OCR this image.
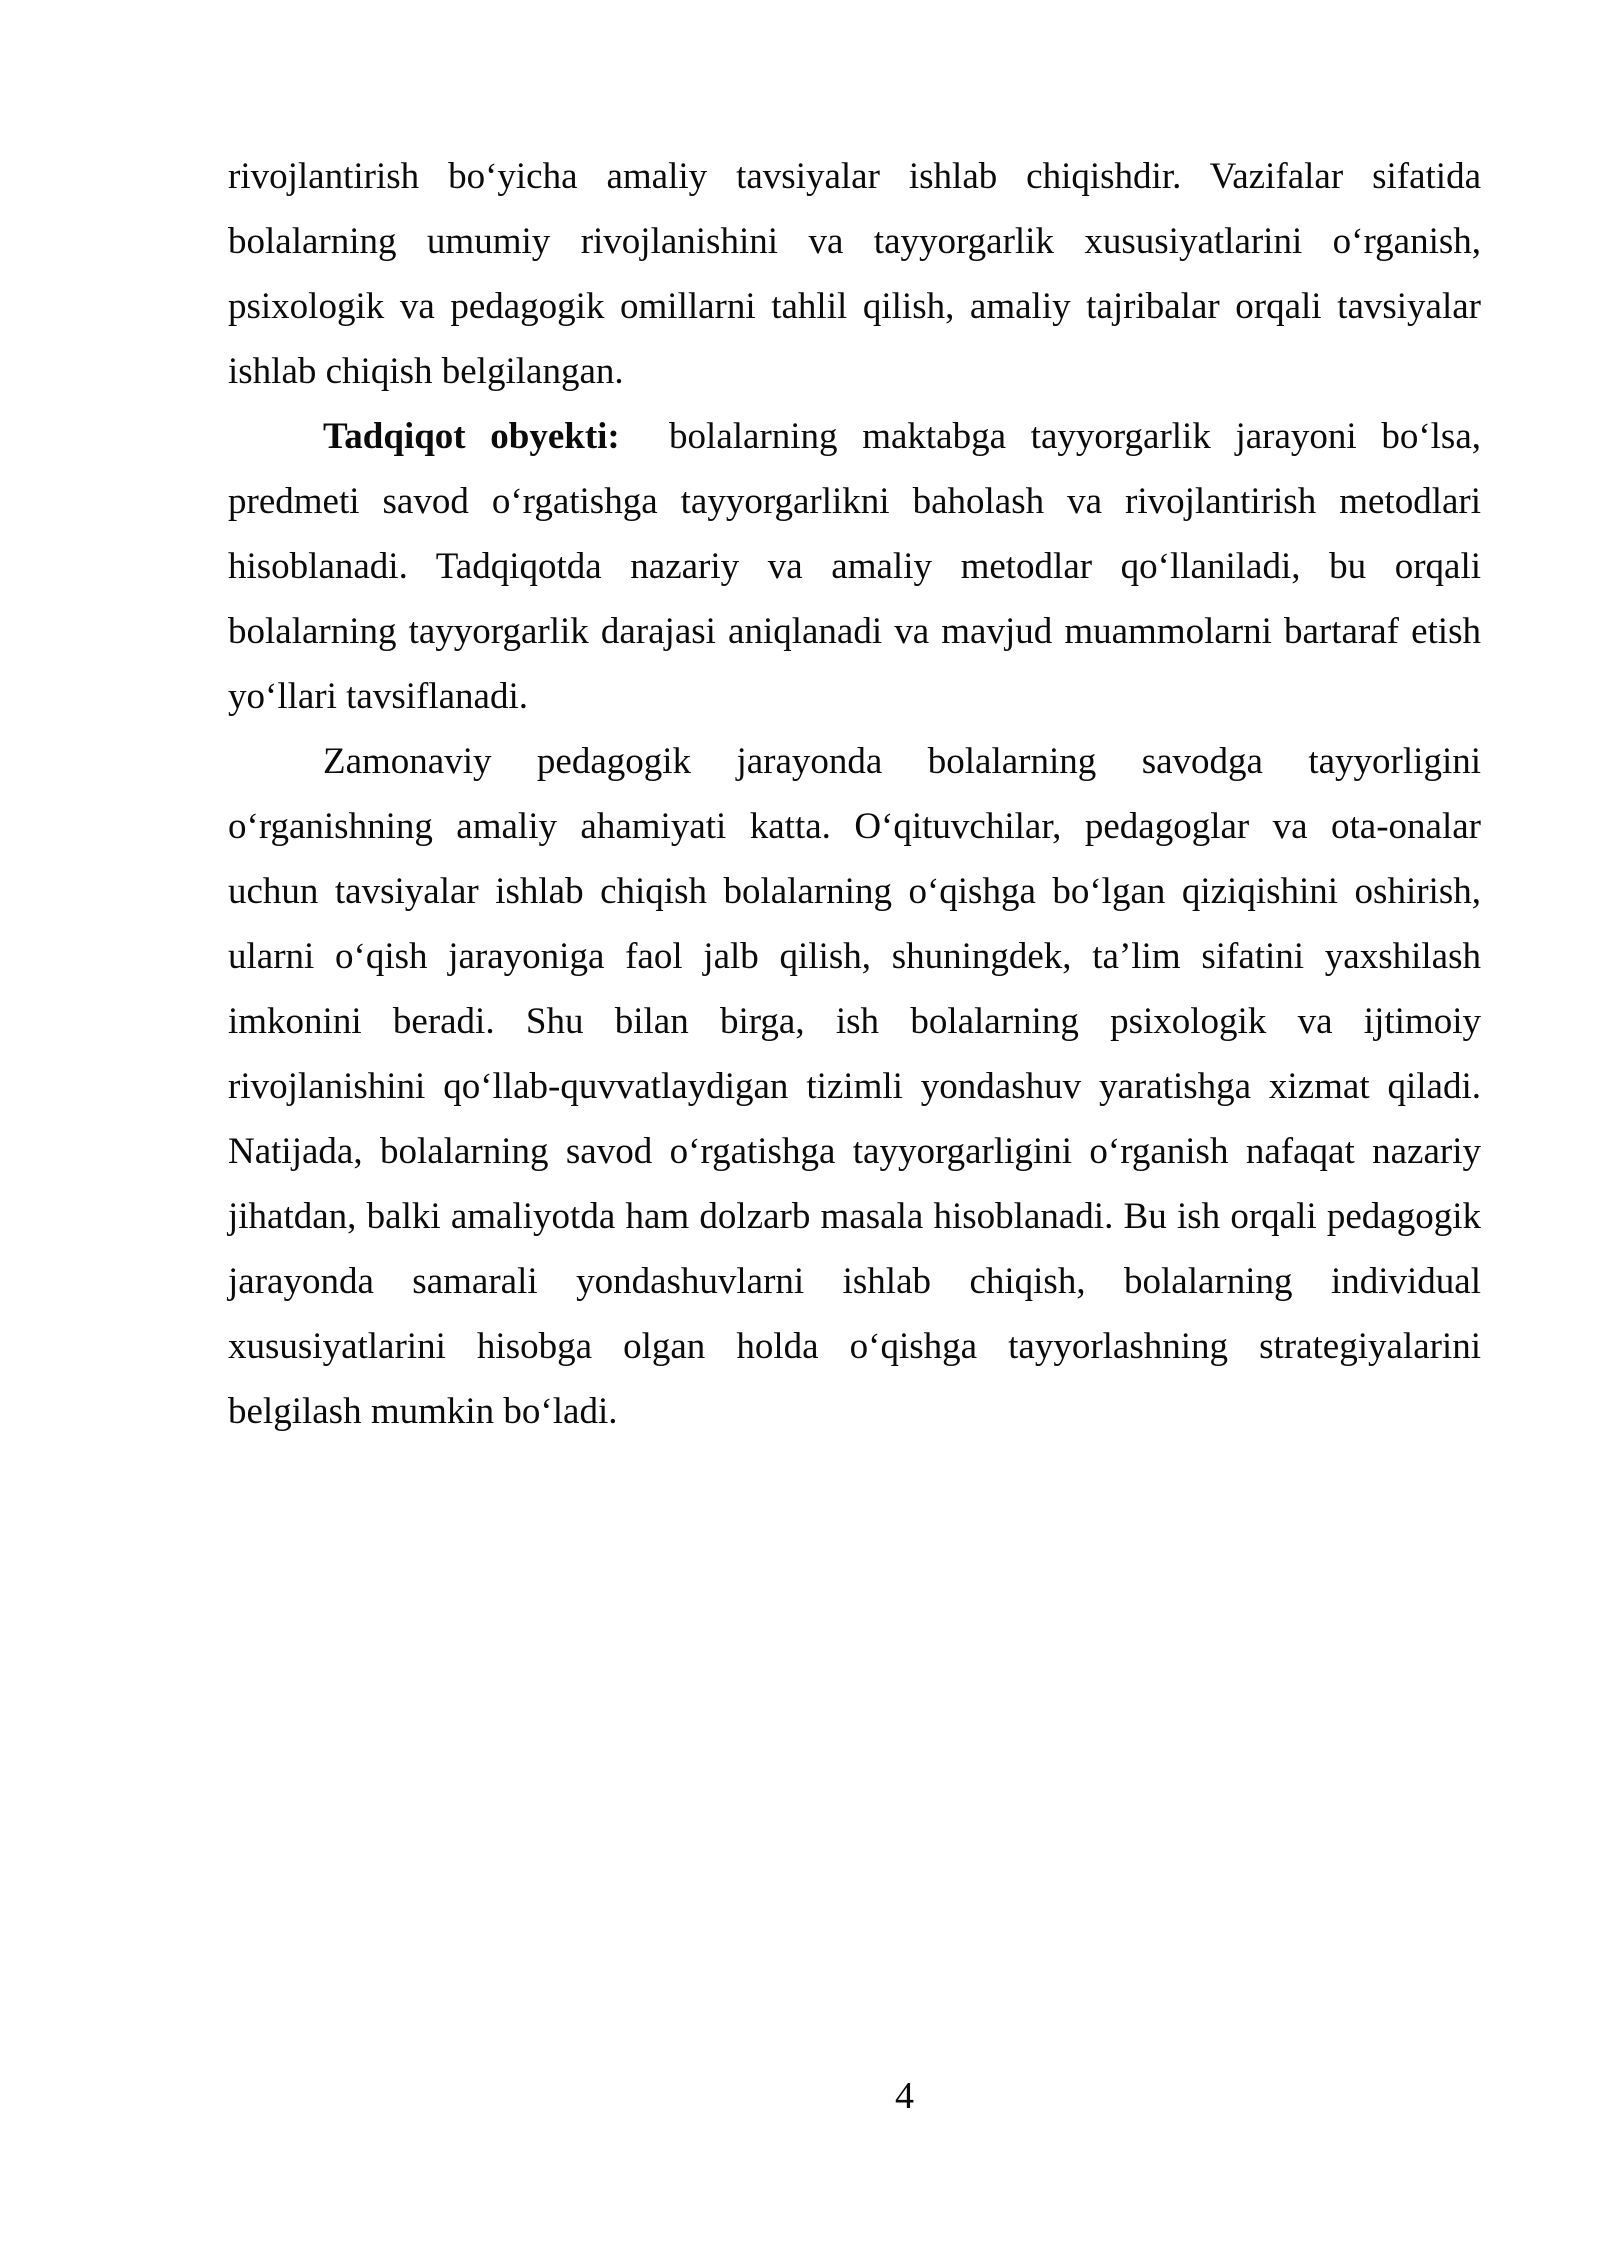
rivojlantirish bo‘yicha amaliy tavsiyalar ishlab chiqishdir. Vazifalar sifatida
bolalarning umumiy rivojlanishini va tayyorgarlik xususiyatlarini o‘rganish,
psixologik va pedagogik omillarni tahlil qilish, amaliy tajribalar orqali tavsiyalar
ishlab chiqish belgilangan.
Tadqiqot obyekti:  bolalarning maktabga tayyorgarlik jarayoni bo‘lsa,
predmeti savod o‘rgatishga tayyorgarlikni baholash va rivojlantirish metodlari
hisoblanadi. Tadqiqotda nazariy va amaliy metodlar qo‘llaniladi, bu orqali
bolalarning tayyorgarlik darajasi aniqlanadi va mavjud muammolarni bartaraf etish
yo‘llari tavsiflanadi.
Zamonaviy pedagogik jarayonda bolalarning savodga tayyorligini
o‘rganishning amaliy ahamiyati katta. O‘qituvchilar, pedagoglar va ota-onalar
uchun tavsiyalar ishlab chiqish bolalarning o‘qishga bo‘lgan qiziqishini oshirish,
ularni o‘qish jarayoniga faol jalb qilish, shuningdek, ta’lim sifatini yaxshilash
imkonini beradi. Shu bilan birga, ish bolalarning psixologik va ijtimoiy
rivojlanishini qo‘llab-quvvatlaydigan tizimli yondashuv yaratishga xizmat qiladi.
Natijada, bolalarning savod o‘rgatishga tayyorgarligini o‘rganish nafaqat nazariy
jihatdan, balki amaliyotda ham dolzarb masala hisoblanadi. Bu ish orqali pedagogik
jarayonda samarali yondashuvlarni ishlab chiqish, bolalarning individual
xususiyatlarini hisobga olgan holda o‘qishga tayyorlashning strategiyalarini
belgilash mumkin bo‘ladi.
4
